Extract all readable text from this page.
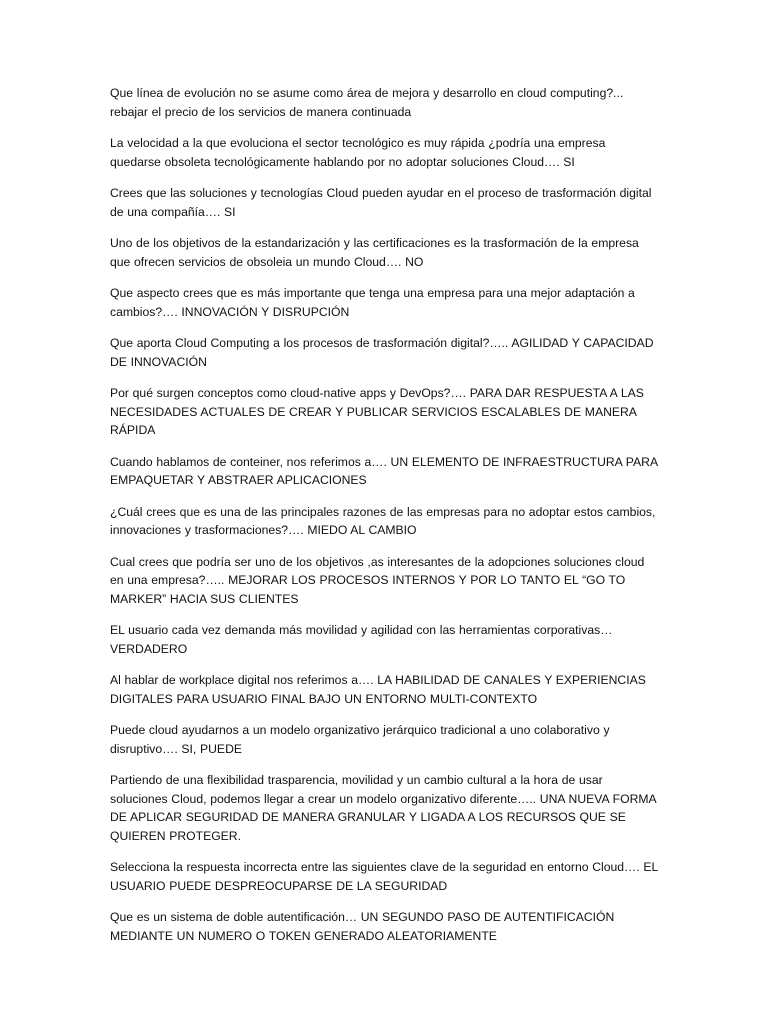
Que línea de evolución no se asume como área de mejora y desarrollo en cloud computing?... rebajar el precio de los servicios de manera continuada

La velocidad a la que evoluciona el sector tecnológico es muy rápida ¿podría una empresa quedarse obsoleta tecnológicamente hablando por no adoptar soluciones Cloud…. SI

Crees que las soluciones y tecnologías Cloud pueden ayudar en el proceso de trasformación digital de una compañía…. SI

Uno de los objetivos de la estandarización y las certificaciones es la trasformación de la empresa que ofrecen servicios de obsoleia un mundo Cloud…. NO

Que aspecto crees que es más importante que tenga una empresa para una mejor adaptación a cambios?…. INNOVACIÓN Y DISRUPCIÓN

Que aporta Cloud Computing a los procesos de trasformación digital?….. AGILIDAD Y CAPACIDAD DE INNOVACIÓN

Por qué surgen conceptos como cloud-native apps y DevOps?…. PARA DAR RESPUESTA A LAS NECESIDADES ACTUALES DE CREAR Y PUBLICAR SERVICIOS ESCALABLES DE MANERA RÁPIDA

Cuando hablamos de conteiner, nos referimos a…. UN ELEMENTO DE INFRAESTRUCTURA PARA EMPAQUETAR Y ABSTRAER APLICACIONES

¿Cuál crees que es una de las principales razones de las empresas para no adoptar estos cambios, innovaciones y trasformaciones?…. MIEDO AL CAMBIO

Cual crees que podría ser uno de los objetivos ,as interesantes de la adopciones soluciones cloud en una empresa?….. MEJORAR LOS PROCESOS INTERNOS Y POR LO TANTO EL “GO TO MARKER” HACIA SUS CLIENTES

EL usuario cada vez demanda más movilidad y agilidad con las herramientas corporativas… VERDADERO

Al hablar de workplace digital nos referimos a…. LA HABILIDAD DE CANALES Y EXPERIENCIAS DIGITALES PARA USUARIO FINAL BAJO UN ENTORNO MULTI-CONTEXTO

Puede cloud ayudarnos a un modelo organizativo jerárquico tradicional a uno colaborativo y disruptivo…. SI, PUEDE

Partiendo de una flexibilidad trasparencia, movilidad y un cambio cultural a la hora de usar soluciones Cloud, podemos llegar a crear un modelo organizativo diferente….. UNA NUEVA FORMA DE APLICAR SEGURIDAD DE MANERA GRANULAR Y LIGADA A LOS RECURSOS QUE SE QUIEREN PROTEGER.

Selecciona la respuesta incorrecta entre las siguientes clave de la seguridad en entorno Cloud…. EL USUARIO PUEDE DESPREOCUPARSE DE LA SEGURIDAD

Que es un sistema de doble autentificación… UN SEGUNDO PASO DE AUTENTIFICACIÓN MEDIANTE UN NUMERO O TOKEN GENERADO ALEATORIAMENTE
